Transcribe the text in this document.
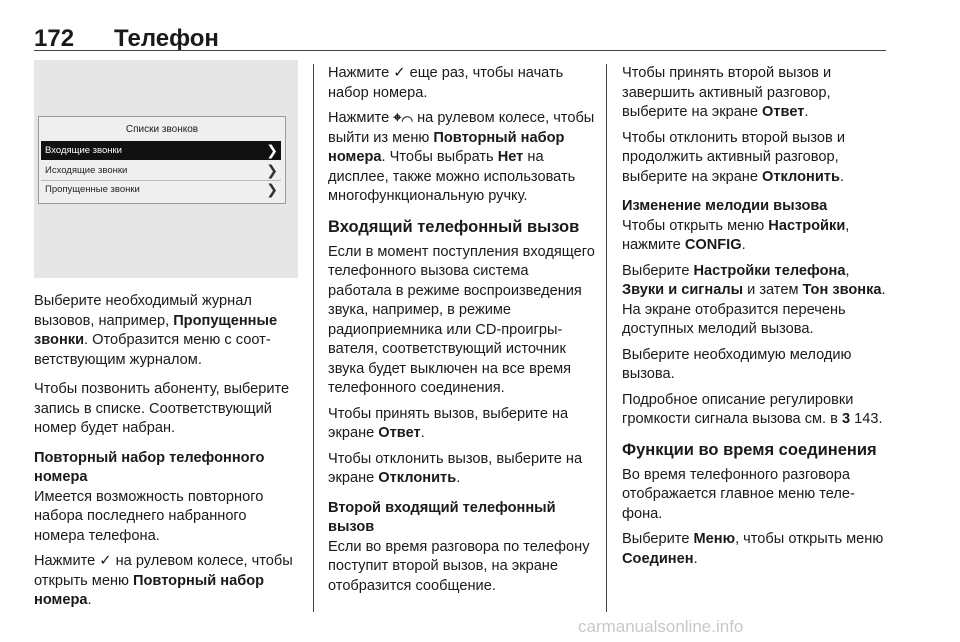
172 Телефон
Списки звонков
Входящие звонки	❯
Исходящие звонки	❯
Пропущенные звонки	❯

Выберите необходимый журнал вызовов, например, Пропущенные звонки. Отобразится меню с соответствующим журналом.

Чтобы позвонить абоненту, выберите запись в списке. Соответствующий номер будет набран.

Повторный набор телефонного номера

Имеется возможность повторного набора последнего набранного номера телефона.

Нажмите ✓ на рулевом колесе, чтобы открыть меню Повторный набор номера.

Нажмите ✓ еще раз, чтобы начать набор номера.

Нажмите ⌖⌒ на рулевом колесе, чтобы выйти из меню Повторный набор номера. Чтобы выбрать Нет на дисплее, также можно использовать многофункциональную ручку.

Входящий телефонный вызов

Если в момент поступления входящего телефонного вызова система работала в режиме воспроизведения звука, например, в режиме радиоприемника или CD-проигрывателя, соответствующий источник звука будет выключен на все время телефонного соединения.

Чтобы принять вызов, выберите на экране Ответ.

Чтобы отклонить вызов, выберите на экране Отклонить.

Второй входящий телефонный вызов

Если во время разговора по телефону поступит второй вызов, на экране отобразится сообщение.

Чтобы принять второй вызов и завершить активный разговор, выберите на экране Ответ.

Чтобы отклонить второй вызов и продолжить активный разговор, выберите на экране Отклонить.

Изменение мелодии вызова

Чтобы открыть меню Настройки, нажмите CONFIG.

Выберите Настройки телефона, Звуки и сигналы и затем Тон звонка. На экране отобразится перечень доступных мелодий вызова.

Выберите необходимую мелодию вызова.

Подробное описание регулировки громкости сигнала вызова см. в 3 143.

Функции во время соединения

Во время телефонного разговора отображается главное меню телефона.

Выберите Меню, чтобы открыть меню Соединен.

carmanualsonline.info
